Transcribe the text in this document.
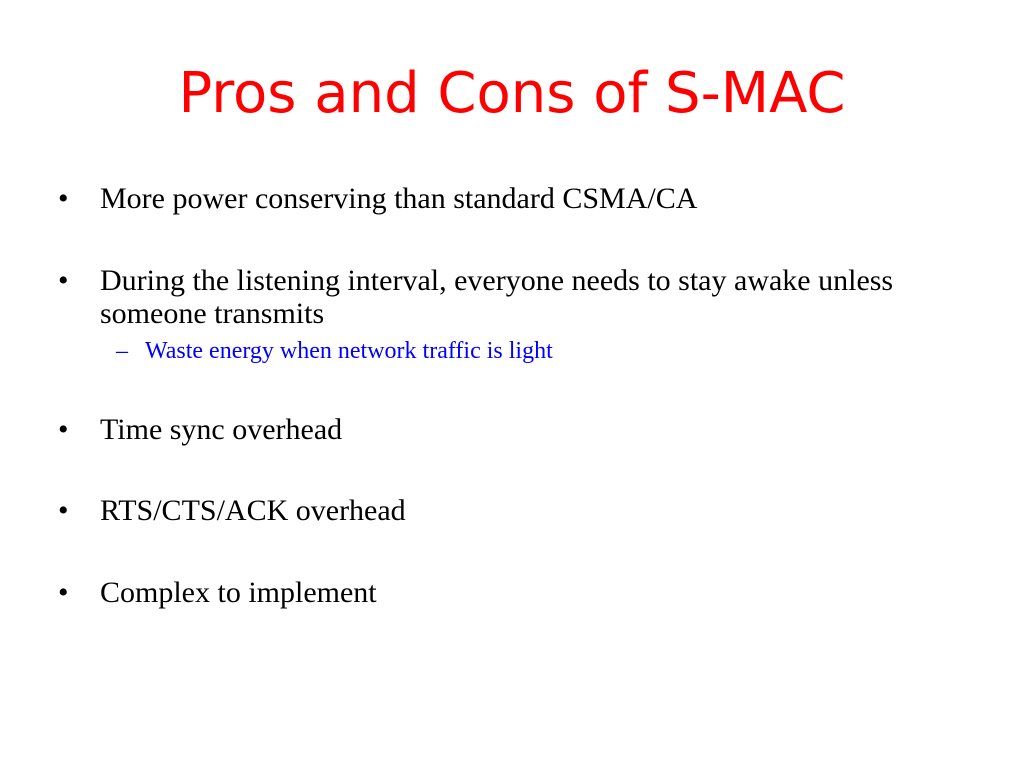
Pros and Cons of S-MAC
•	More power conserving than standard CSMA/CA
•	During the listening interval, everyone needs to stay awake unless someone transmits
– Waste energy when network traffic is light
•	Time sync overhead
•	RTS/CTS/ACK overhead
•	Complex to implement
